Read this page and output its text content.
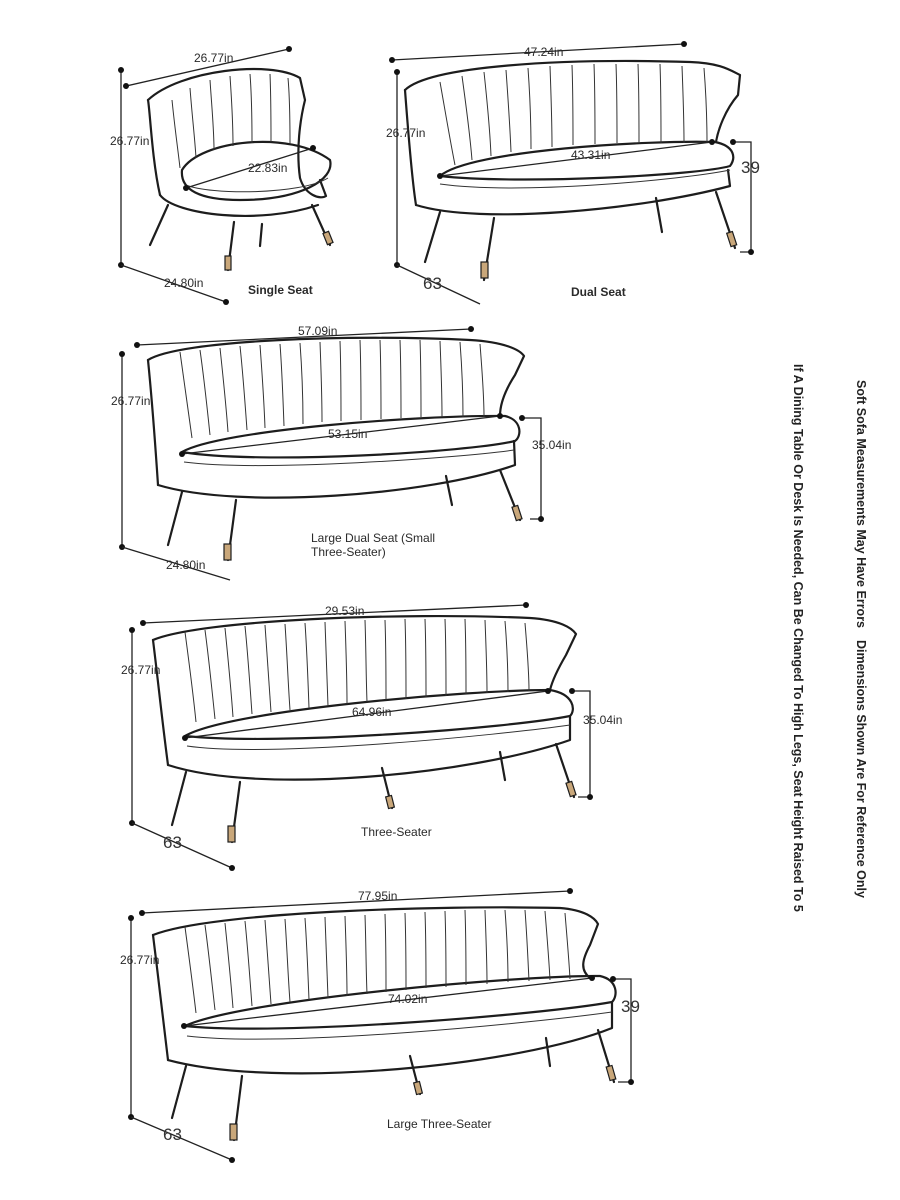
26.77in
26.77in
22.83in
24.80in	Single Seat
47.24in
26.77in
43.31in
39
63	Dual Seat
57.09in
26.77in
53.15in
35.04in
24.80in
Large Dual Seat (Small
Three-Seater)
29.53in
26.77in
64.96in
35.04in
63
Three-Seater
77.95in
26.77in
74.02in	39
63
Large Three-Seater
If A Dining Table Or Desk Is Needed, Can Be Changed To High Legs, Seat Height Raised To 5	Soft Sofa Measurements May Have Errors
Dimensions Shown Are For Reference Only
